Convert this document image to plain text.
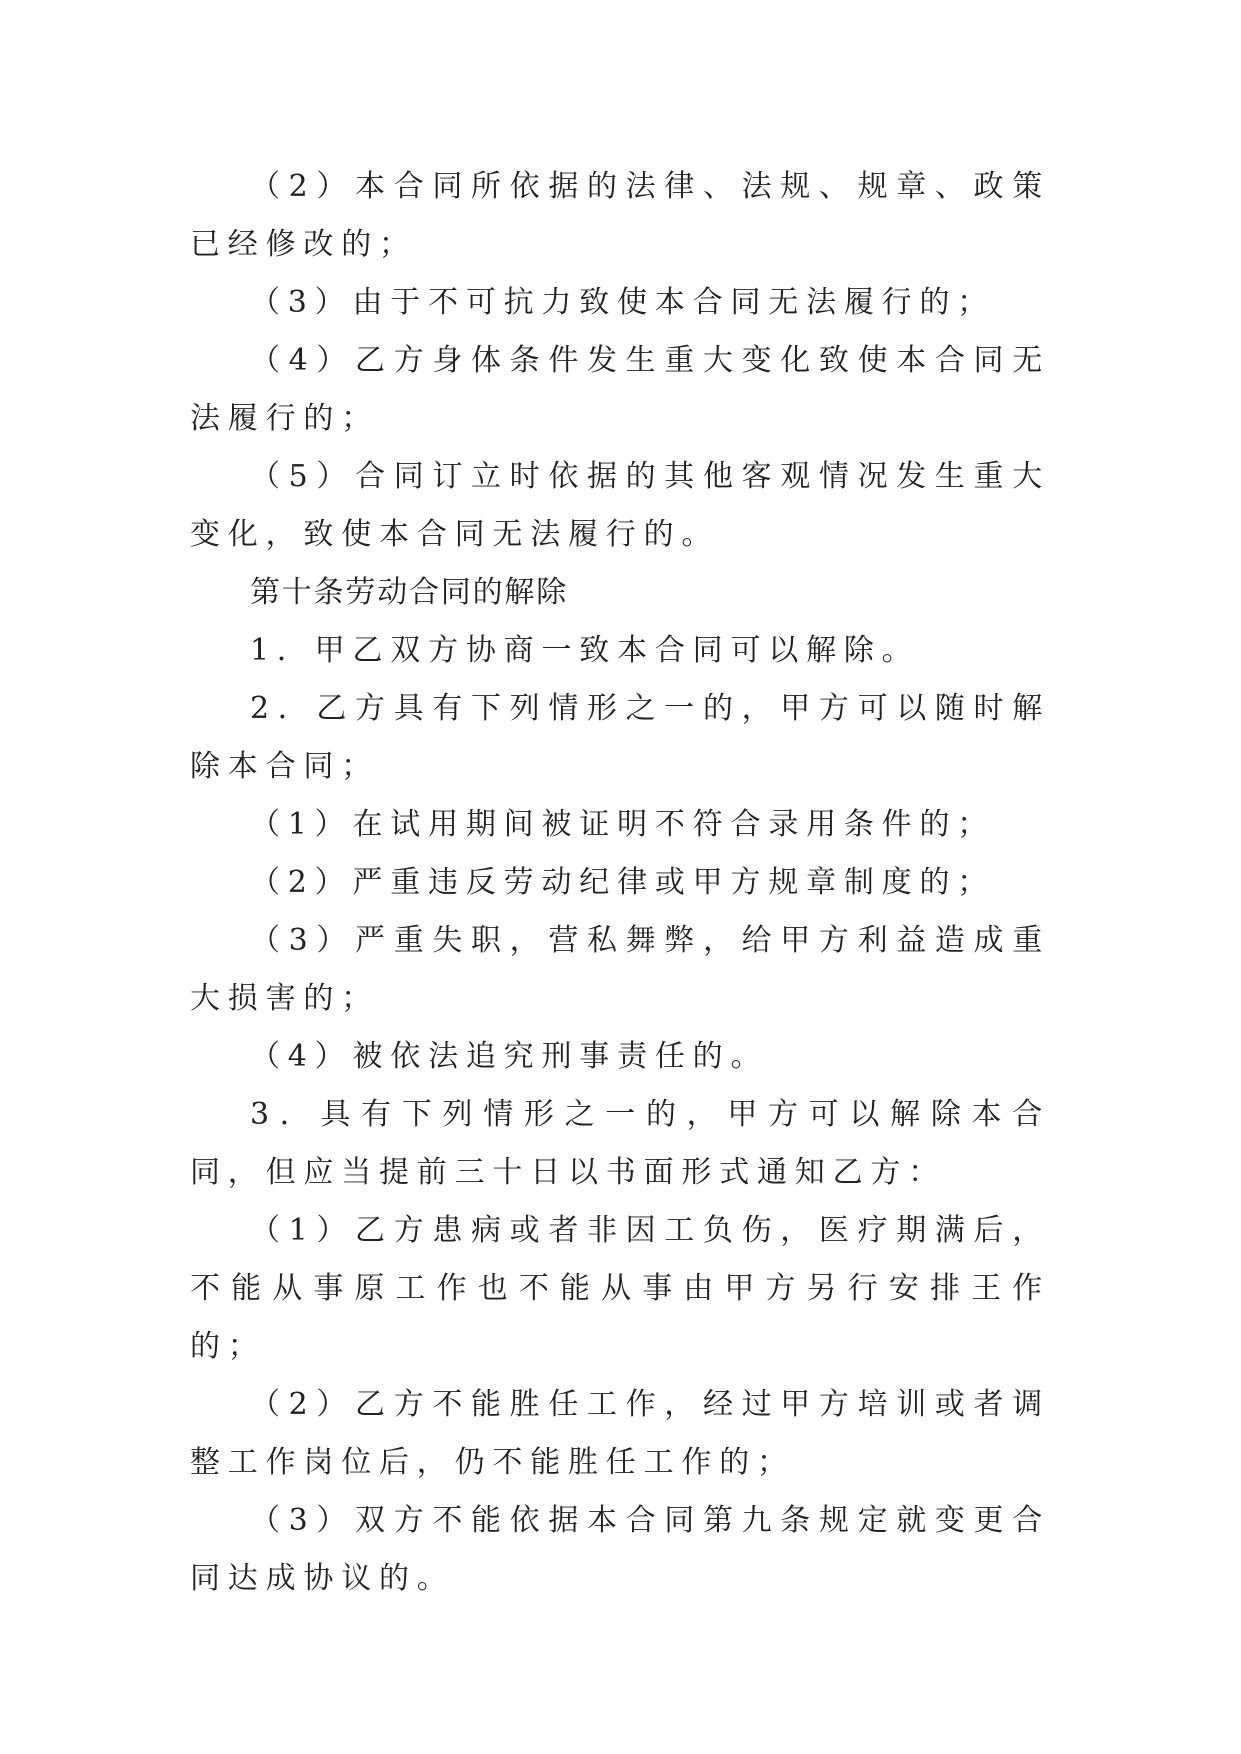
（2）本合同所依据的法律、法规、规章、政策已经修改的；

（3）由于不可抗力致使本合同无法履行的；

（4）乙方身体条件发生重大变化致使本合同无法履行的；

（5）合同订立时依据的其他客观情况发生重大变化，致使本合同无法履行的。

第十条劳动合同的解除

1．甲乙双方协商一致本合同可以解除。

2．乙方具有下列情形之一的，甲方可以随时解除本合同；

（1）在试用期间被证明不符合录用条件的；

（2）严重违反劳动纪律或甲方规章制度的；

（3）严重失职，营私舞弊，给甲方利益造成重大损害的；

（4）被依法追究刑事责任的。

3．具有下列情形之一的，甲方可以解除本合同，但应当提前三十日以书面形式通知乙方：

（1）乙方患病或者非因工负伤，医疗期满后，不能从事原工作也不能从事由甲方另行安排王作的；

（2）乙方不能胜任工作，经过甲方培训或者调整工作岗位后，仍不能胜任工作的；

（3）双方不能依据本合同第九条规定就变更合同达成协议的。
